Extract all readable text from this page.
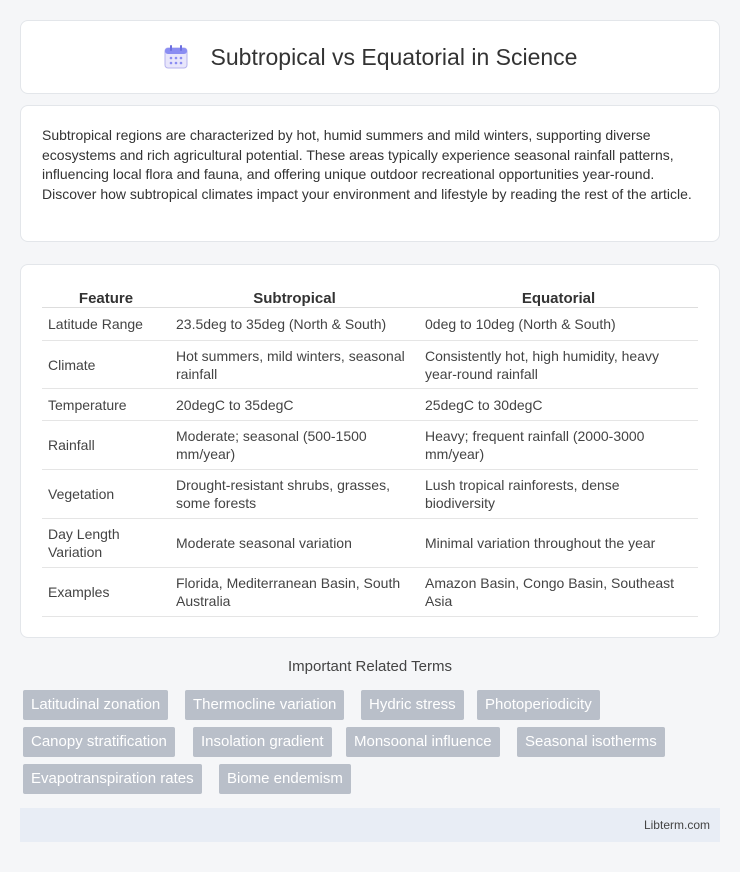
Subtropical vs Equatorial in Science

Subtropical regions are characterized by hot, humid summers and mild winters, supporting diverse ecosystems and rich agricultural potential. These areas typically experience seasonal rainfall patterns, influencing local flora and fauna, and offering unique outdoor recreational opportunities year-round. Discover how subtropical climates impact your environment and lifestyle by reading the rest of the article.

Feature	Subtropical	Equatorial
Latitude Range	23.5deg to 35deg (North & South)	0deg to 10deg (North & South)
Climate	Hot summers, mild winters, seasonal rainfall	Consistently hot, high humidity, heavy year-round rainfall
Temperature	20degC to 35degC	25degC to 30degC
Rainfall	Moderate; seasonal (500-1500 mm/year)	Heavy; frequent rainfall (2000-3000 mm/year)
Vegetation	Drought-resistant shrubs, grasses, some forests	Lush tropical rainforests, dense biodiversity
Day Length Variation	Moderate seasonal variation	Minimal variation throughout the year
Examples	Florida, Mediterranean Basin, South Australia	Amazon Basin, Congo Basin, Southeast Asia
Important Related Terms
Latitudinal zonation	Thermocline variation	Hydric stress	Photoperiodicity
Canopy stratification	Insolation gradient	Monsoonal influence	Seasonal isotherms
Evapotranspiration rates	Biome endemism
Libterm.com
